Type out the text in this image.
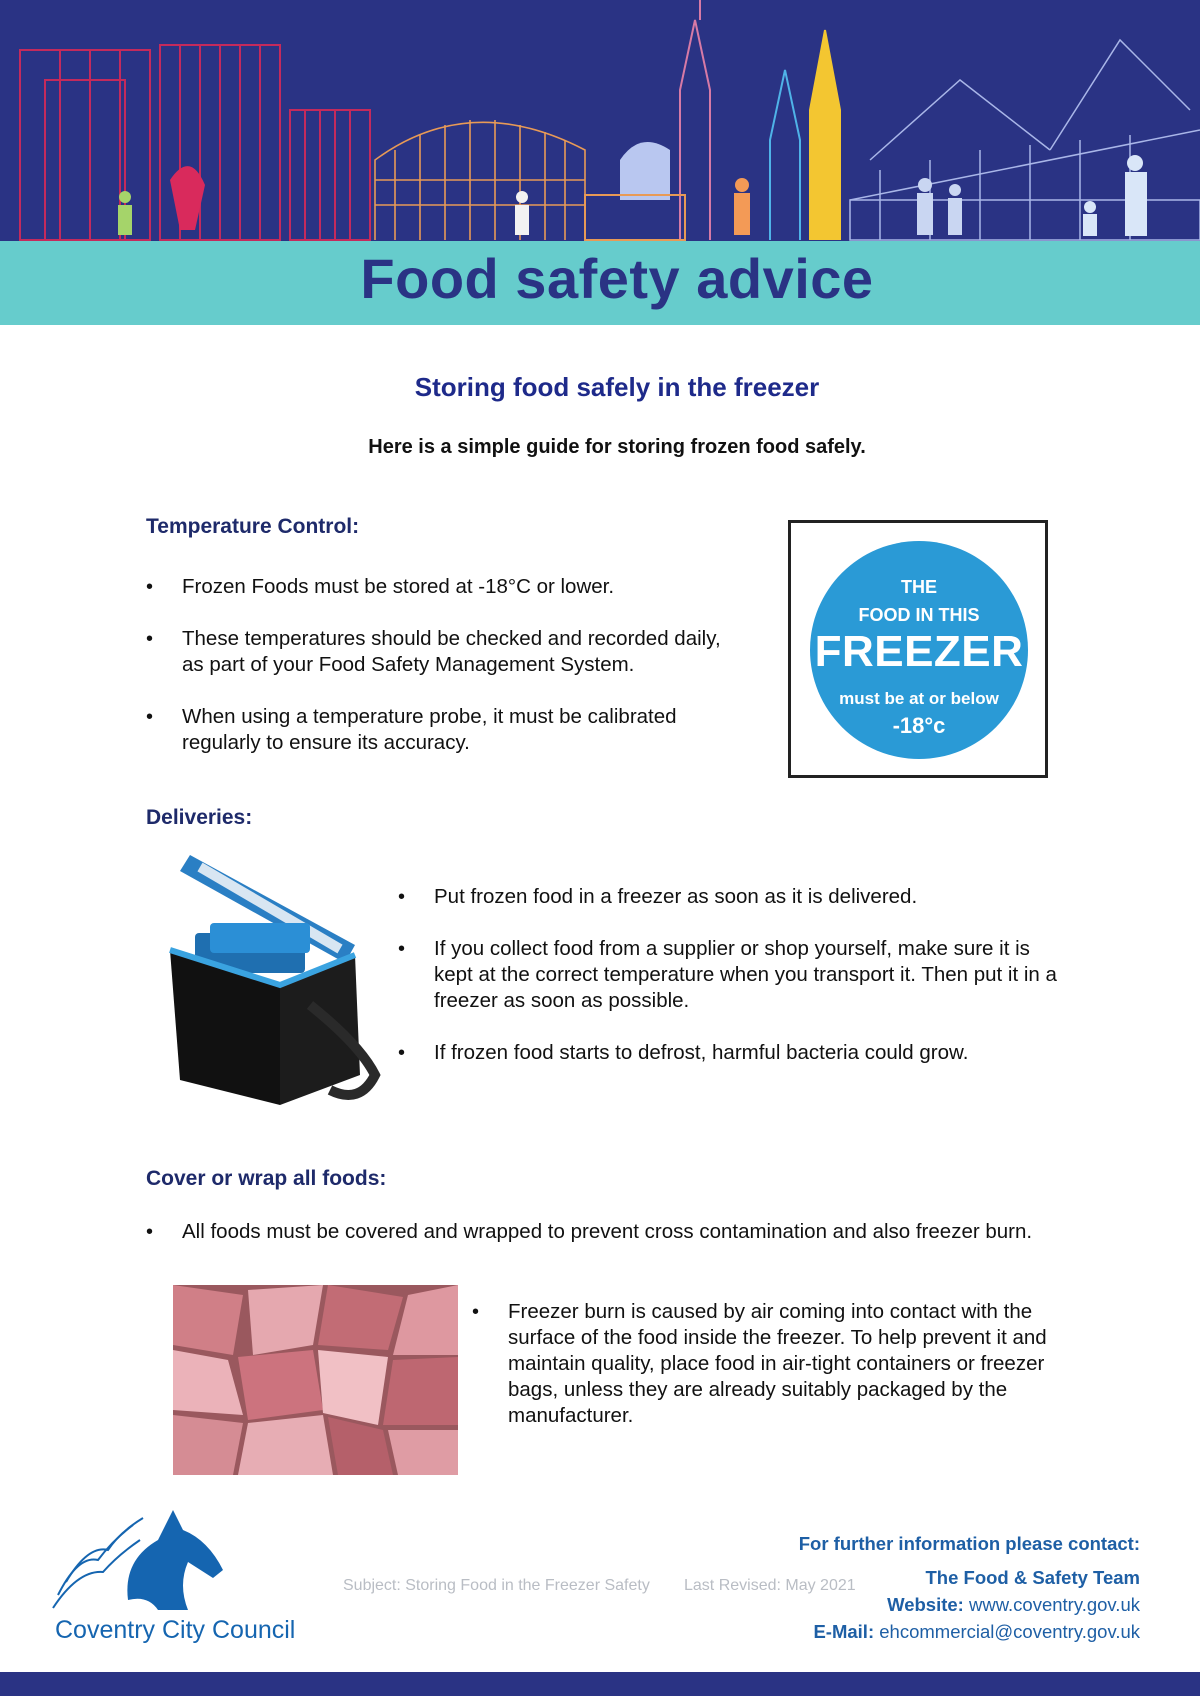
Food safety advice
Storing food safely in the freezer

Here is a simple guide for storing frozen food safely.

Temperature Control:
• Frozen Foods must be stored at -18°C or lower.
• These temperatures should be checked and recorded daily, as part of your Food Safety Management System.
• When using a temperature probe, it must be calibrated regularly to ensure its accuracy.
THE
FOOD IN THIS
FREEZER
must be at or below
-18°c
Deliveries:
• Put frozen food in a freezer as soon as it is delivered.
• If you collect food from a supplier or shop yourself, make sure it is kept at the correct temperature when you transport it. Then put it in a freezer as soon as possible.
• If frozen food starts to defrost, harmful bacteria could grow.
Cover or wrap all foods:
• All foods must be covered and wrapped to prevent cross contamination and also freezer burn.
• Freezer burn is caused by air coming into contact with the surface of the food inside the freezer. To help prevent it and maintain quality, place food in air-tight containers or freezer bags, unless they are already suitably packaged by the manufacturer.
Coventry City Council
Subject: Storing Food in the Freezer Safety Last Revised: May 2021
For further information please contact:
The Food & Safety Team
Website: www.coventry.gov.uk
E-Mail: ehcommercial@coventry.gov.uk
